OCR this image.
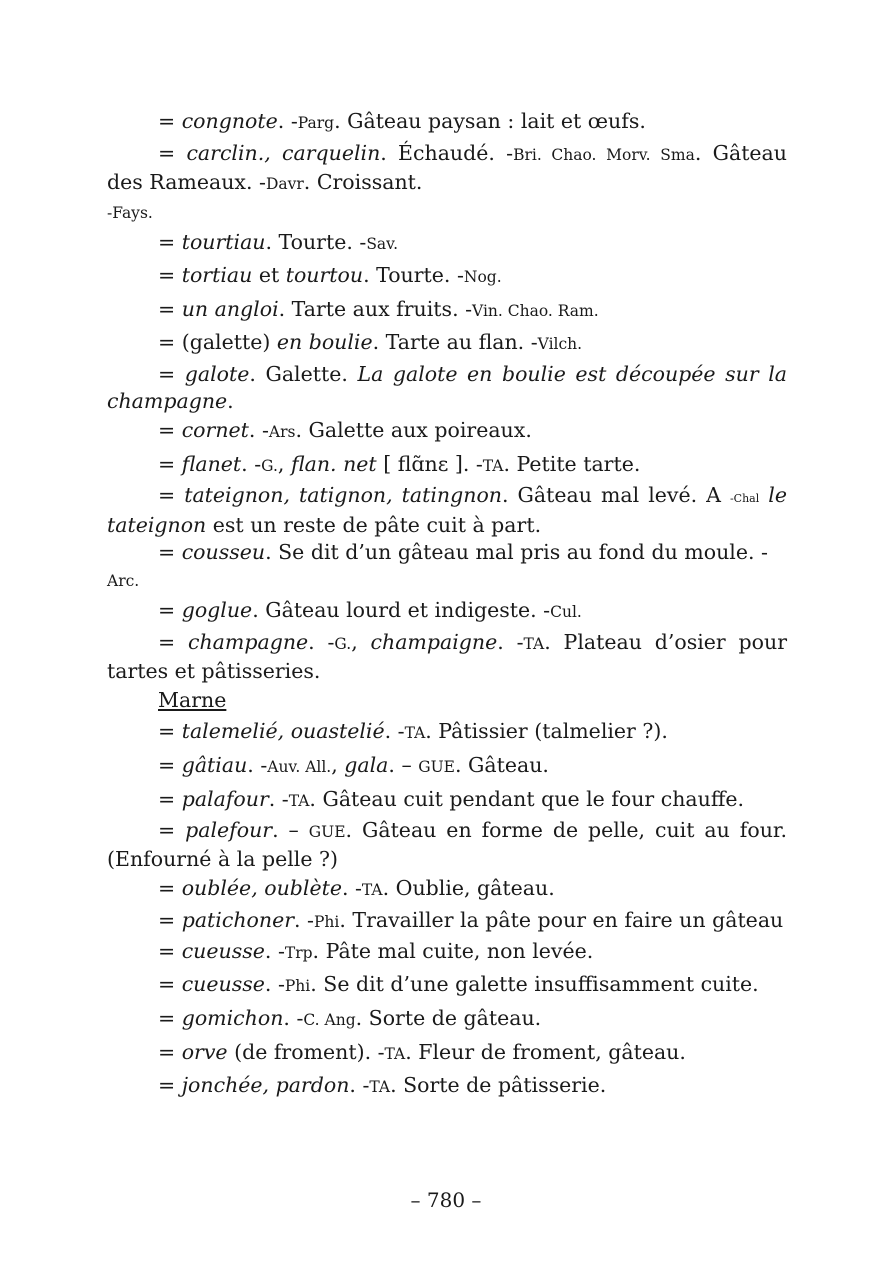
= congnote. -Parg. Gâteau paysan : lait et œufs.

= carclin., carquelin. Échaudé. -Bri. Chao. Morv. Sma. Gâteau des Rameaux. -Davr. Croissant.
-Fays.

= tourtiau. Tourte. -Sav.

= tortiau et tourtou. Tourte. -Nog.

= un angloi. Tarte aux fruits. -Vin. Chao. Ram.

= (galette) en boulie. Tarte au flan. -Vilch.

= galote. Galette. La galote en boulie est découpée sur la champagne.

= cornet. -Ars. Galette aux poireaux.

= flanet. -G., flan. net [ flɑ̃nɛ ]. -TA. Petite tarte.

= tateignon, tatignon, tatingnon. Gâteau mal levé. A -Chal le tateignon est un reste de pâte cuit à part.

= cousseu. Se dit d’un gâteau mal pris au fond du moule. -
Arc.

= goglue. Gâteau lourd et indigeste. -Cul.

= champagne. -G., champaigne. -TA. Plateau d’osier pour tartes et pâtisseries.

Marne

= talemelié, ouastelié. -TA. Pâtissier (talmelier ?).

= gâtiau. -Auv. All., gala. – GUE. Gâteau.

= palafour. -TA. Gâteau cuit pendant que le four chauffe.

= palefour. – GUE. Gâteau en forme de pelle, cuit au four. (Enfourné à la pelle ?)

= oublée, oublète. -TA. Oublie, gâteau.

= patichoner. -Phi. Travailler la pâte pour en faire un gâteau

= cueusse. -Trp. Pâte mal cuite, non levée.

= cueusse. -Phi. Se dit d’une galette insuffisamment cuite.

= gomichon. -C. Ang. Sorte de gâteau.

= orve (de froment). -TA. Fleur de froment, gâteau.

= jonchée, pardon. -TA. Sorte de pâtisserie.

– 780 –
